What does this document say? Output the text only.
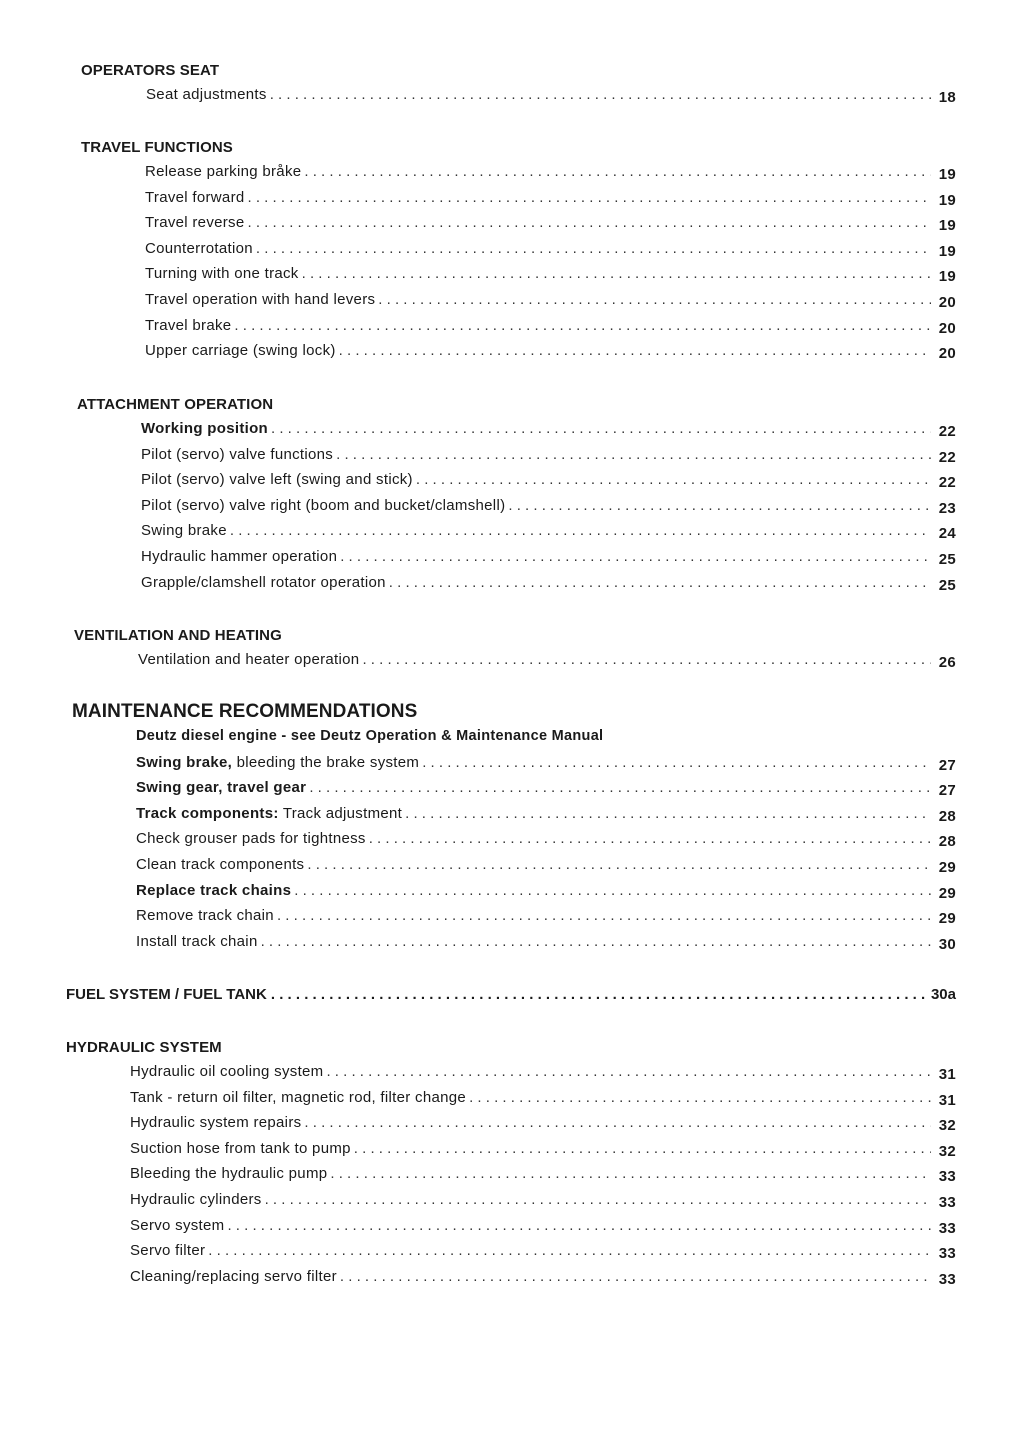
OPERATORS SEAT
Seat adjustments . . .	18
TRAVEL FUNCTIONS
Release parking bråke . . .	19
Travel forward . . .	19
Travel reverse . . .	19
Counterrotation . . .	19
Turning with one track . . .	19
Travel operation with hand levers . . .	20
Travel brake . . .	20
Upper carriage (swing lock) . . .	20
ATTACHMENT OPERATION
Working position . . .	22
Pilot (servo) valve functions . . .	22
Pilot (servo) valve left (swing and stick) . . .	22
Pilot (servo) valve right (boom and bucket/clamshell) . . .	23
Swing brake . . .	24
Hydraulic hammer operation . . .	25
Grapple/clamshell rotator operation . . .	25
VENTILATION AND HEATING
Ventilation and heater operation . . .	26
MAINTENANCE RECOMMENDATIONS
Deutz diesel engine - see Deutz Operation & Maintenance Manual
Swing brake, bleeding the brake system . . .	27
Swing gear, travel gear . . .	27
Track components: Track adjustment . . .	28
Check grouser pads for tightness . . .	28
Clean track components . . .	29
Replace track chains . . .	29
Remove track chain . . .	29
Install track chain . . .	30
FUEL SYSTEM / FUEL TANK . . .	30a
HYDRAULIC SYSTEM
Hydraulic oil cooling system . . .	31
Tank - return oil filter, magnetic rod, filter change . . .	31
Hydraulic system repairs . . .	32
Suction hose from tank to pump . . .	32
Bleeding the hydraulic pump . . .	33
Hydraulic cylinders . . .	33
Servo system . . .	33
Servo filter . . .	33
Cleaning/replacing servo filter . . .	33
